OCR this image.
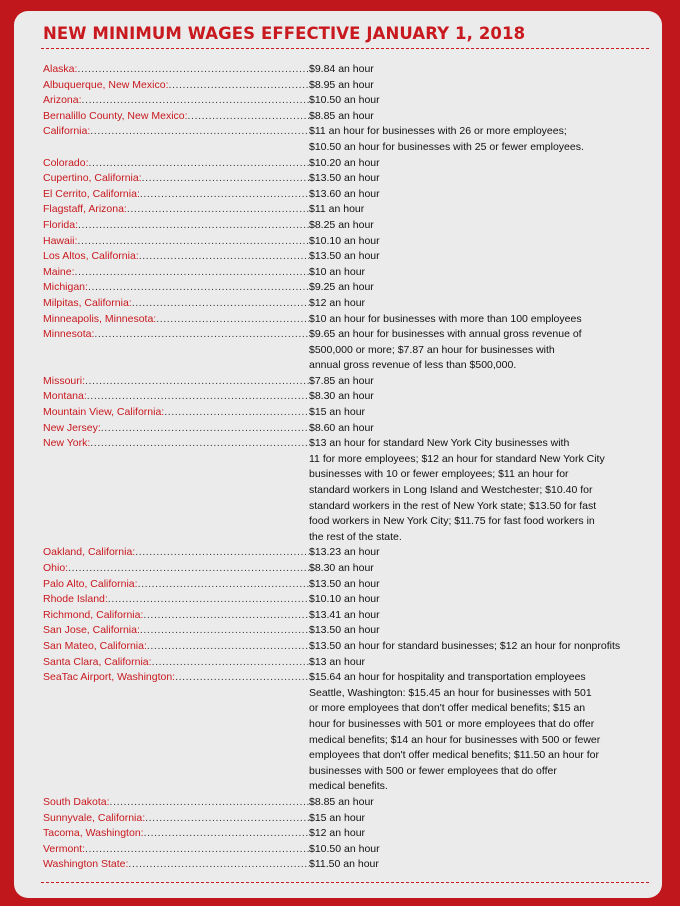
NEW MINIMUM WAGES EFFECTIVE JANUARY 1, 2018
Alaska: .....	$9.84 an hour
Albuquerque, New Mexico: .....	$8.95 an hour
Arizona: .....	$10.50 an hour
Bernalillo County, New Mexico: .....	$8.85 an hour
California: .....	$11 an hour for businesses with 26 or more employees;
$10.50 an hour for businesses with 25 or fewer employees.
Colorado: .....	$10.20 an hour
Cupertino, California: .....	$13.50 an hour
El Cerrito, California: .....	$13.60 an hour
Flagstaff, Arizona: .....	$11 an hour
Florida: .....	$8.25 an hour
Hawaii: .....	$10.10 an hour
Los Altos, California: .....	$13.50 an hour
Maine: .....	$10 an hour
Michigan: .....	$9.25 an hour
Milpitas, California: .....	$12 an hour
Minneapolis, Minnesota: .....	$10 an hour for businesses with more than 100 employees
Minnesota: .....	$9.65 an hour for businesses with annual gross revenue of
$500,000 or more; $7.87 an hour for businesses with
annual gross revenue of less than $500,000.
Missouri: .....	$7.85 an hour
Montana: .....	$8.30 an hour
Mountain View, California: .....	$15 an hour
New Jersey: .....	$8.60 an hour
New York: .....	$13 an hour for standard New York City businesses with
11 for more employees; $12 an hour for standard New York City
businesses with 10 or fewer employees; $11 an hour for
standard workers in Long Island and Westchester; $10.40 for
standard workers in the rest of New York state; $13.50 for fast
food workers in New York City; $11.75 for fast food workers in
the rest of the state.
Oakland, California: .....	$13.23 an hour
Ohio: .....	$8.30 an hour
Palo Alto, California: .....	$13.50 an hour
Rhode Island: .....	$10.10 an hour
Richmond, California: .....	$13.41 an hour
San Jose, California: .....	$13.50 an hour
San Mateo, California: .....	$13.50 an hour for standard businesses; $12 an hour for nonprofits
Santa Clara, California: .....	$13 an hour
SeaTac Airport, Washington: .....	$15.64 an hour for hospitality and transportation employees
Seattle, Washington: $15.45 an hour for businesses with 501
or more employees that don't offer medical benefits; $15 an
hour for businesses with 501 or more employees that do offer
medical benefits; $14 an hour for businesses with 500 or fewer
employees that don't offer medical benefits; $11.50 an hour for
businesses with 500 or fewer employees that do offer
medical benefits.
South Dakota: .....	$8.85 an hour
Sunnyvale, California: .....	$15 an hour
Tacoma, Washington: .....	$12 an hour
Vermont: .....	$10.50 an hour
Washington State: .....	$11.50 an hour
